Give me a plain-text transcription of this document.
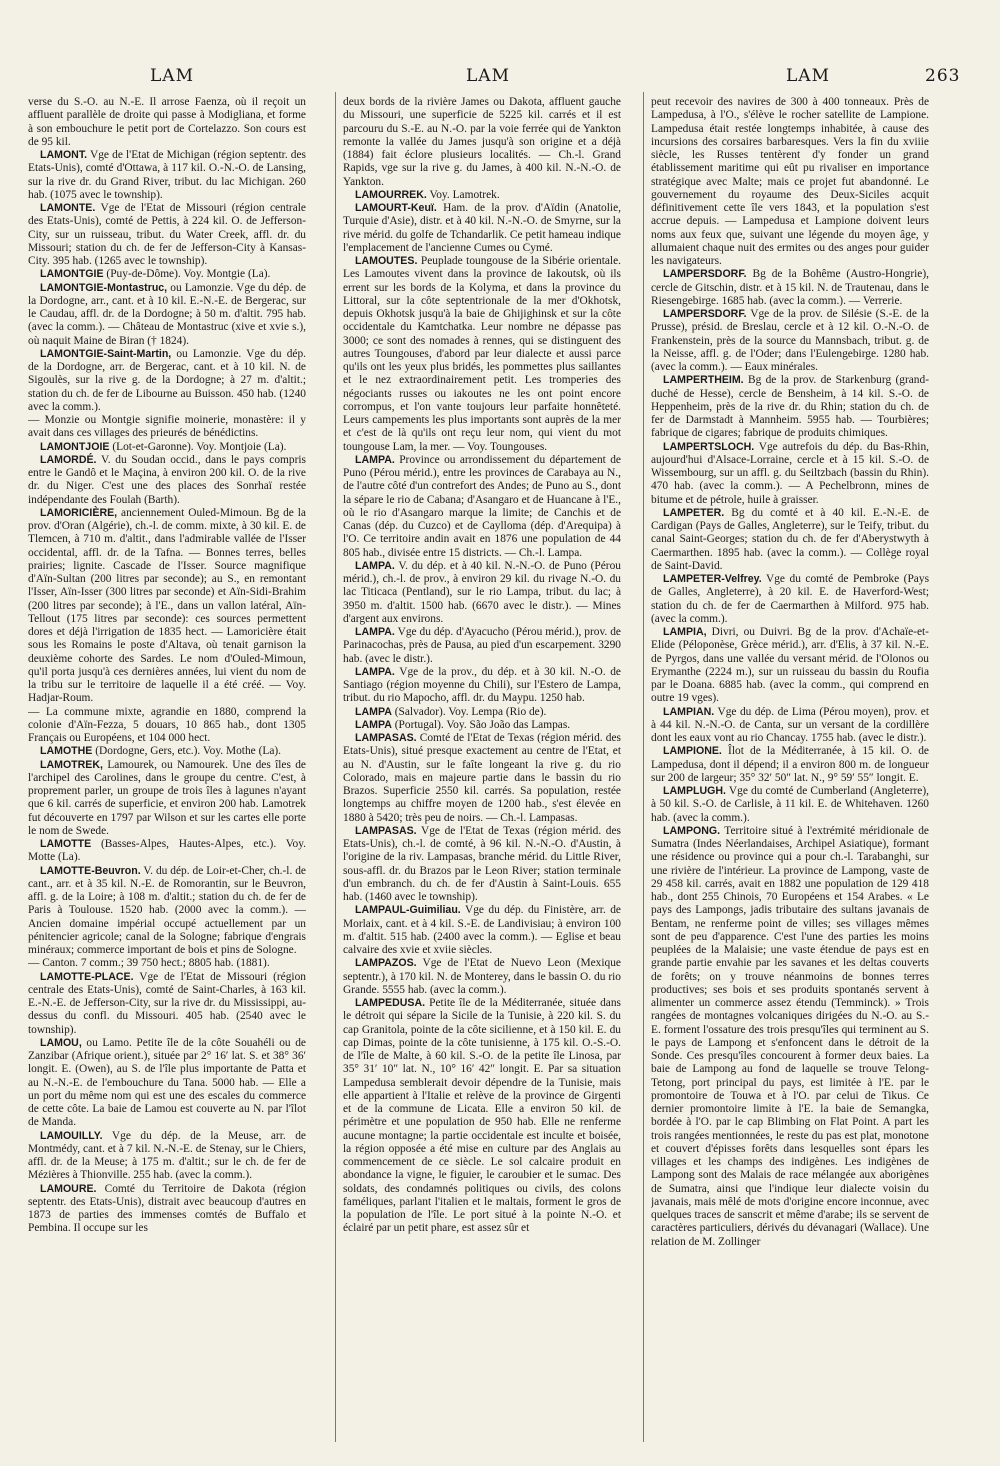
LAM	LAM	LAM	263

verse du S.-O. au N.-E. Il arrose Faenza, où il reçoit un affluent parallèle de droite qui passe à Modigliana, et forme à son embouchure le petit port de Cortelazzo. Son cours est de 95 kil.

LAMONT. Vge de l'Etat de Michigan (région septentr. des Etats-Unis), comté d'Ottawa, à 117 kil. O.-N.-O. de Lansing, sur la rive dr. du Grand River, tribut. du lac Michigan. 260 hab. (1075 avec le township).

LAMONTE. Vge de l'Etat de Missouri (région centrale des Etats-Unis), comté de Pettis, à 224 kil. O. de Jefferson-City, sur un ruisseau, tribut. du Water Creek, affl. dr. du Missouri; station du ch. de fer de Jefferson-City à Kansas-City. 395 hab. (1265 avec le township).

LAMONTGIE (Puy-de-Dôme). Voy. Montgie (La).

LAMONTGIE-Montastruc, ou Lamonzie. Vge du dép. de la Dordogne, arr., cant. et à 10 kil. E.-N.-E. de Bergerac, sur le Caudau, affl. dr. de la Dordogne; à 50 m. d'altit. 795 hab. (avec la comm.). — Château de Montastruc (xive et xvie s.), où naquit Maine de Biran († 1824).

LAMONTGIE-Saint-Martin, ou Lamonzie. Vge du dép. de la Dordogne, arr. de Bergerac, cant. et à 10 kil. N. de Sigoulès, sur la rive g. de la Dordogne; à 27 m. d'altit.; station du ch. de fer de Libourne au Buisson. 450 hab. (1240 avec la comm.).

— Monzie ou Montgie signifie moinerie, monastère: il y avait dans ces villages des prieurés de bénédictins.

LAMONTJOIE (Lot-et-Garonne). Voy. Montjoie (La).

LAMORDÉ. V. du Soudan occid., dans le pays compris entre le Gandô et le Maçina, à environ 200 kil. O. de la rive dr. du Niger. C'est une des places des Sonrhaï restée indépendante des Foulah (Barth).

LAMORICIÈRE, anciennement Ouled-Mimoun. Bg de la prov. d'Oran (Algérie), ch.-l. de comm. mixte, à 30 kil. E. de Tlemcen, à 710 m. d'altit., dans l'admirable vallée de l'Isser occidental, affl. dr. de la Tafna. — Bonnes terres, belles prairies; lignite. Cascade de l'Isser. Source magnifique d'Aïn-Sultan (200 litres par seconde); au S., en remontant l'Isser, Aïn-Isser (300 litres par seconde) et Aïn-Sidi-Brahim (200 litres par seconde); à l'E., dans un vallon latéral, Aïn-Tellout (175 litres par seconde): ces sources permettent dores et déjà l'irrigation de 1835 hect. — Lamoricière était sous les Romains le poste d'Altava, où tenait garnison la deuxième cohorte des Sardes. Le nom d'Ouled-Mimoun, qu'il porta jusqu'à ces dernières années, lui vient du nom de la tribu sur le territoire de laquelle il a été créé. — Voy. Hadjar-Roum.

— La commune mixte, agrandie en 1880, comprend la colonie d'Aïn-Fezza, 5 douars, 10 865 hab., dont 1305 Français ou Européens, et 104 000 hect.

LAMOTHE (Dordogne, Gers, etc.). Voy. Mothe (La).

LAMOTREK, Lamourek, ou Namourek. Une des îles de l'archipel des Carolines, dans le groupe du centre. C'est, à proprement parler, un groupe de trois îles à lagunes n'ayant que 6 kil. carrés de superficie, et environ 200 hab. Lamotrek fut découverte en 1797 par Wilson et sur les cartes elle porte le nom de Swede.

LAMOTTE (Basses-Alpes, Hautes-Alpes, etc.). Voy. Motte (La).

LAMOTTE-Beuvron. V. du dép. de Loir-et-Cher, ch.-l. de cant., arr. et à 35 kil. N.-E. de Romorantin, sur le Beuvron, affl. g. de la Loire; à 108 m. d'altit.; station du ch. de fer de Paris à Toulouse. 1520 hab. (2000 avec la comm.). — Ancien domaine impérial occupé actuellement par un pénitencier agricole; canal de la Sologne; fabrique d'engrais minéraux; commerce important de bois et pins de Sologne.

— Canton. 7 comm.; 39 750 hect.; 8805 hab. (1881).

LAMOTTE-PLACE. Vge de l'Etat de Missouri (région centrale des Etats-Unis), comté de Saint-Charles, à 163 kil. E.-N.-E. de Jefferson-City, sur la rive dr. du Mississippi, au-dessus du confl. du Missouri. 405 hab. (2540 avec le township).

LAMOU, ou Lamo. Petite île de la côte Souahéli ou de Zanzibar (Afrique orient.), située par 2° 16′ lat. S. et 38° 36′ longit. E. (Owen), au S. de l'île plus importante de Patta et au N.-N.-E. de l'embouchure du Tana. 5000 hab. — Elle a un port du même nom qui est une des escales du commerce de cette côte. La baie de Lamou est couverte au N. par l'îlot de Manda.

LAMOUILLY. Vge du dép. de la Meuse, arr. de Montmédy, cant. et à 7 kil. N.-N.-E. de Stenay, sur le Chiers, affl. dr. de la Meuse; à 175 m. d'altit.; sur le ch. de fer de Mézières à Thionville. 255 hab. (avec la comm.).

LAMOURE. Comté du Territoire de Dakota (région septentr. des Etats-Unis), distrait avec beaucoup d'autres en 1873 de parties des immenses comtés de Buffalo et Pembina. Il occupe sur les

deux bords de la rivière James ou Dakota, affluent gauche du Missouri, une superficie de 5225 kil. carrés et il est parcouru du S.-E. au N.-O. par la voie ferrée qui de Yankton remonte la vallée du James jusqu'à son origine et a déjà (1884) fait éclore plusieurs localités. — Ch.-l. Grand Rapids, vge sur la rive g. du James, à 400 kil. N.-N.-O. de Yankton.

LAMOURREK. Voy. Lamotrek.

LAMOURT-Keuï. Ham. de la prov. d'Aïdin (Anatolie, Turquie d'Asie), distr. et à 40 kil. N.-N.-O. de Smyrne, sur la rive mérid. du golfe de Tchandarlik. Ce petit hameau indique l'emplacement de l'ancienne Cumes ou Cymé.

LAMOUTES. Peuplade toungouse de la Sibérie orientale. Les Lamoutes vivent dans la province de Iakoutsk, où ils errent sur les bords de la Kolyma, et dans la province du Littoral, sur la côte septentrionale de la mer d'Okhotsk, depuis Okhotsk jusqu'à la baie de Ghijighinsk et sur la côte occidentale du Kamtchatka. Leur nombre ne dépasse pas 3000; ce sont des nomades à rennes, qui se distinguent des autres Toungouses, d'abord par leur dialecte et aussi parce qu'ils ont les yeux plus bridés, les pommettes plus saillantes et le nez extraordinairement petit. Les tromperies des négociants russes ou iakoutes ne les ont point encore corrompus, et l'on vante toujours leur parfaite honnêteté. Leurs campements les plus importants sont auprès de la mer et c'est de là qu'ils ont reçu leur nom, qui vient du mot toungouse Lam, la mer. — Voy. Toungouses.

LAMPA. Province ou arrondissement du département de Puno (Pérou mérid.), entre les provinces de Carabaya au N., de l'autre côté d'un contrefort des Andes; de Puno au S., dont la sépare le rio de Cabana; d'Asangaro et de Huancane à l'E., où le rio d'Asangaro marque la limite; de Canchis et de Canas (dép. du Cuzco) et de Caylloma (dép. d'Arequipa) à l'O. Ce territoire andin avait en 1876 une population de 44 805 hab., divisée entre 15 districts. — Ch.-l. Lampa.

LAMPA. V. du dép. et à 40 kil. N.-N.-O. de Puno (Pérou mérid.), ch.-l. de prov., à environ 29 kil. du rivage N.-O. du lac Titicaca (Pentland), sur le rio Lampa, tribut. du lac; à 3950 m. d'altit. 1500 hab. (6670 avec le distr.). — Mines d'argent aux environs.

LAMPA. Vge du dép. d'Ayacucho (Pérou mérid.), prov. de Parinacochas, près de Pausa, au pied d'un escarpement. 3290 hab. (avec le distr.).

LAMPA. Vge de la prov., du dép. et à 30 kil. N.-O. de Santiago (région moyenne du Chili), sur l'Estero de Lampa, tribut. du rio Mapocho, affl. dr. du Maypu. 1250 hab.

LAMPA (Salvador). Voy. Lempa (Rio de).

LAMPA (Portugal). Voy. São João das Lampas.

LAMPASAS. Comté de l'Etat de Texas (région mérid. des Etats-Unis), situé presque exactement au centre de l'Etat, et au N. d'Austin, sur le faîte longeant la rive g. du rio Colorado, mais en majeure partie dans le bassin du rio Brazos. Superficie 2550 kil. carrés. Sa population, restée longtemps au chiffre moyen de 1200 hab., s'est élevée en 1880 à 5420; très peu de noirs. — Ch.-l. Lampasas.

LAMPASAS. Vge de l'Etat de Texas (région mérid. des Etats-Unis), ch.-l. de comté, à 96 kil. N.-N.-O. d'Austin, à l'origine de la riv. Lampasas, branche mérid. du Little River, sous-affl. dr. du Brazos par le Leon River; station terminale d'un embranch. du ch. de fer d'Austin à Saint-Louis. 655 hab. (1460 avec le township).

LAMPAUL-Guimiliau. Vge du dép. du Finistère, arr. de Morlaix, cant. et à 4 kil. S.-E. de Landivisiau; à environ 100 m. d'altit. 515 hab. (2400 avec la comm.). — Eglise et beau calvaire des xvie et xviie siècles.

LAMPAZOS. Vge de l'Etat de Nuevo Leon (Mexique septentr.), à 170 kil. N. de Monterey, dans le bassin O. du rio Grande. 5555 hab. (avec la comm.).

LAMPEDUSA. Petite île de la Méditerranée, située dans le détroit qui sépare la Sicile de la Tunisie, à 220 kil. S. du cap Granitola, pointe de la côte sicilienne, et à 150 kil. E. du cap Dimas, pointe de la côte tunisienne, à 175 kil. O.-S.-O. de l'île de Malte, à 60 kil. S.-O. de la petite île Linosa, par 35° 31′ 10″ lat. N., 10° 16′ 42″ longit. E. Par sa situation Lampedusa semblerait devoir dépendre de la Tunisie, mais elle appartient à l'Italie et relève de la province de Girgenti et de la commune de Licata. Elle a environ 50 kil. de périmètre et une population de 950 hab. Elle ne renferme aucune montagne; la partie occidentale est inculte et boisée, la région opposée a été mise en culture par des Anglais au commencement de ce siècle. Le sol calcaire produit en abondance la vigne, le figuier, le caroubier et le sumac. Des soldats, des condamnés politiques ou civils, des colons faméliques, parlant l'italien et le maltais, forment le gros de la population de l'île. Le port situé à la pointe N.-O. et éclairé par un petit phare, est assez sûr et

peut recevoir des navires de 300 à 400 tonneaux. Près de Lampedusa, à l'O., s'élève le rocher satellite de Lampione. Lampedusa était restée longtemps inhabitée, à cause des incursions des corsaires barbaresques. Vers la fin du xviiie siècle, les Russes tentèrent d'y fonder un grand établissement maritime qui eût pu rivaliser en importance stratégique avec Malte; mais ce projet fut abandonné. Le gouvernement du royaume des Deux-Siciles acquit définitivement cette île vers 1843, et la population s'est accrue depuis. — Lampedusa et Lampione doivent leurs noms aux feux que, suivant une légende du moyen âge, y allumaient chaque nuit des ermites ou des anges pour guider les navigateurs.

LAMPERSDORF. Bg de la Bohême (Austro-Hongrie), cercle de Gitschin, distr. et à 15 kil. N. de Trautenau, dans le Riesengebirge. 1685 hab. (avec la comm.). — Verrerie.

LAMPERSDORF. Vge de la prov. de Silésie (S.-E. de la Prusse), présid. de Breslau, cercle et à 12 kil. O.-N.-O. de Frankenstein, près de la source du Mannsbach, tribut. g. de la Neisse, affl. g. de l'Oder; dans l'Eulengebirge. 1280 hab. (avec la comm.). — Eaux minérales.

LAMPERTHEIM. Bg de la prov. de Starkenburg (grand-duché de Hesse), cercle de Bensheim, à 14 kil. S.-O. de Heppenheim, près de la rive dr. du Rhin; station du ch. de fer de Darmstadt à Mannheim. 5955 hab. — Tourbières; fabrique de cigares; fabrique de produits chimiques.

LAMPERTSLOCH. Vge autrefois du dép. du Bas-Rhin, aujourd'hui d'Alsace-Lorraine, cercle et à 15 kil. S.-O. de Wissembourg, sur un affl. g. du Seiltzbach (bassin du Rhin). 470 hab. (avec la comm.). — A Pechelbronn, mines de bitume et de pétrole, huile à graisser.

LAMPETER. Bg du comté et à 40 kil. E.-N.-E. de Cardigan (Pays de Galles, Angleterre), sur le Teify, tribut. du canal Saint-Georges; station du ch. de fer d'Aberystwyth à Caermarthen. 1895 hab. (avec la comm.). — Collège royal de Saint-David.

LAMPETER-Velfrey. Vge du comté de Pembroke (Pays de Galles, Angleterre), à 20 kil. E. de Haverford-West; station du ch. de fer de Caermarthen à Milford. 975 hab. (avec la comm.).

LAMPIA, Divri, ou Duivri. Bg de la prov. d'Achaïe-et-Elide (Péloponèse, Grèce mérid.), arr. d'Elis, à 37 kil. N.-E. de Pyrgos, dans une vallée du versant mérid. de l'Olonos ou Erymanthe (2224 m.), sur un ruisseau du bassin du Roufia par le Doana. 6885 hab. (avec la comm., qui comprend en outre 19 vges).

LAMPIAN. Vge du dép. de Lima (Pérou moyen), prov. et à 44 kil. N.-N.-O. de Canta, sur un versant de la cordillère dont les eaux vont au rio Chancay. 1755 hab. (avec le distr.).

LAMPIONE. Îlot de la Méditerranée, à 15 kil. O. de Lampedusa, dont il dépend; il a environ 800 m. de longueur sur 200 de largeur; 35° 32′ 50″ lat. N., 9° 59′ 55″ longit. E.

LAMPLUGH. Vge du comté de Cumberland (Angleterre), à 50 kil. S.-O. de Carlisle, à 11 kil. E. de Whitehaven. 1260 hab. (avec la comm.).

LAMPONG. Territoire situé à l'extrémité méridionale de Sumatra (Indes Néerlandaises, Archipel Asiatique), formant une résidence ou province qui a pour ch.-l. Tarabanghi, sur une rivière de l'intérieur. La province de Lampong, vaste de 29 458 kil. carrés, avait en 1882 une population de 129 418 hab., dont 255 Chinois, 70 Européens et 154 Arabes. « Le pays des Lampongs, jadis tributaire des sultans javanais de Bentam, ne renferme point de villes; ses villages mêmes sont de peu d'apparence. C'est l'une des parties les moins peuplées de la Malaisie; une vaste étendue de pays est en grande partie envahie par les savanes et les deltas couverts de forêts; on y trouve néanmoins de bonnes terres productives; ses bois et ses produits spontanés servent à alimenter un commerce assez étendu (Temminck). » Trois rangées de montagnes volcaniques dirigées du N.-O. au S.-E. forment l'ossature des trois presqu'îles qui terminent au S. le pays de Lampong et s'enfoncent dans le détroit de la Sonde. Ces presqu'îles concourent à former deux baies. La baie de Lampong au fond de laquelle se trouve Telong-Tetong, port principal du pays, est limitée à l'E. par le promontoire de Touwa et à l'O. par celui de Tikus. Ce dernier promontoire limite à l'E. la baie de Semangka, bordée à l'O. par le cap Blimbing on Flat Point. A part les trois rangées mentionnées, le reste du pas est plat, monotone et couvert d'épisses forêts dans lesquelles sont épars les villages et les champs des indigènes. Les indigènes de Lampong sont des Malais de race mélangée aux aborigènes de Sumatra, ainsi que l'indique leur dialecte voisin du javanais, mais mêlé de mots d'origine encore inconnue, avec quelques traces de sanscrit et même d'arabe; ils se servent de caractères particuliers, dérivés du dévanagari (Wallace). Une relation de M. Zollinger
